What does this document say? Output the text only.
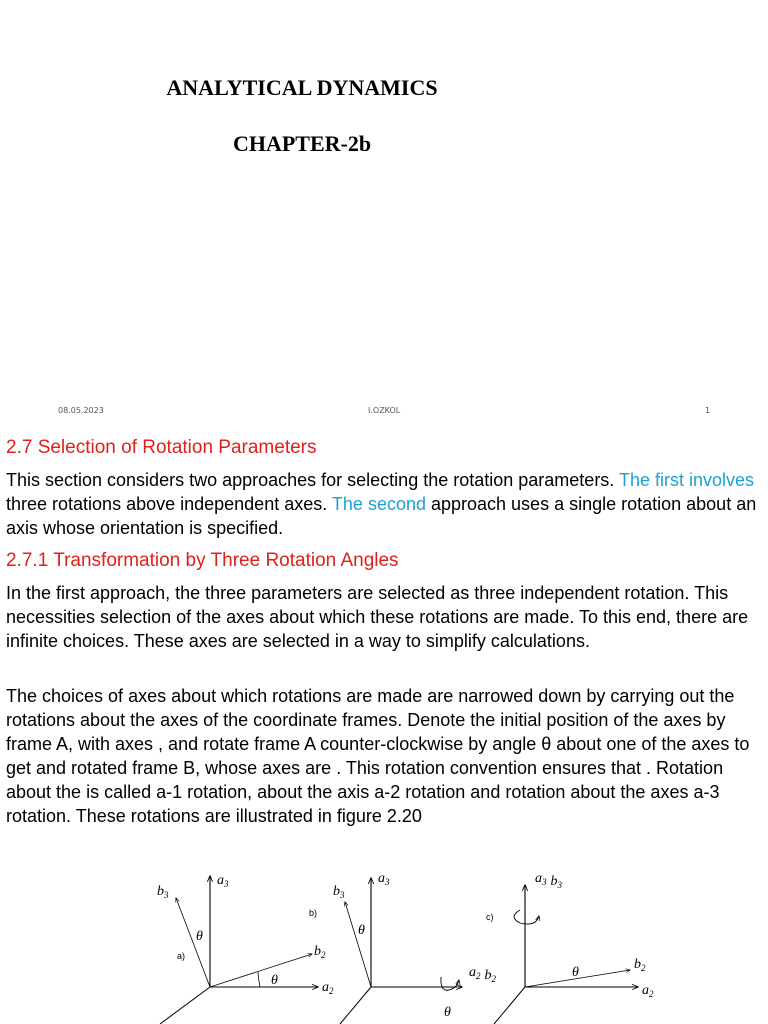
ANALYTICAL DYNAMICS
CHAPTER-2b
08.05.2023	I.OZKOL	1
2.7 Selection of Rotation Parameters

This section considers two approaches for selecting the rotation parameters. The first involves three rotations above independent axes. The second approach uses a single rotation about an axis whose orientation is specified.

2.7.1 Transformation by Three Rotation Angles

In the first approach, the three parameters are selected as three independent rotation. This necessities selection of the axes about which these rotations are made. To this end, there are infinite choices. These axes are selected in a way to simplify calculations.

The choices of axes about which rotations are made are narrowed down by carrying out the rotations about the axes of the coordinate frames. Denote the initial position of the axes by frame A, with axes , and rotate frame A counter-clockwise by angle θ about one of the axes to get and rotated frame B, whose axes are . This rotation convention ensures that . Rotation about the is called a-1 rotation, about the axis a-2 rotation and rotation about the axes a-3 rotation. These rotations are illustrated in figure 2.20

a)
$a_3$
$b_3$
$b_2$
$a_2$
θ
θ
b)
$a_3$
$b_3$
$a_2$ $b_2$
θ
θ
c)
$a_3$ $b_3$
$b_2$
$a_2$
θ
